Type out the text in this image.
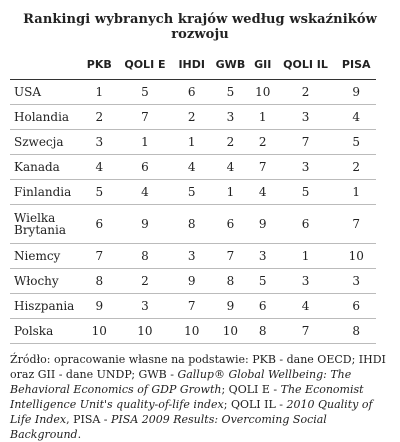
Rankingi wybranych krajów według wskaźników rozwoju
	PKB	QOLI E	IHDI	GWB	GII	QOLI IL	PISA
USA	1	5	6	5	10	2	9
Holandia	2	7	2	3	1	3	4
Szwecja	3	1	1	2	2	7	5
Kanada	4	6	4	4	7	3	2
Finlandia	5	4	5	1	4	5	1
Wielka Brytania	6	9	8	6	9	6	7
Niemcy	7	8	3	7	3	1	10
Włochy	8	2	9	8	5	3	3
Hiszpania	9	3	7	9	6	4	6
Polska	10	10	10	10	8	7	8
Źródło: opracowanie własne na podstawie: PKB - dane OECD; IHDI oraz GII - dane UNDP; GWB - Gallup® Global Wellbeing: The Behavioral Economics of GDP Growth; QOLI E - The Economist Intelligence Unit's quality-of-life index; QOLI IL - 2010 Quality of Life Index, PISA - PISA 2009 Results: Overcoming Social Background.
